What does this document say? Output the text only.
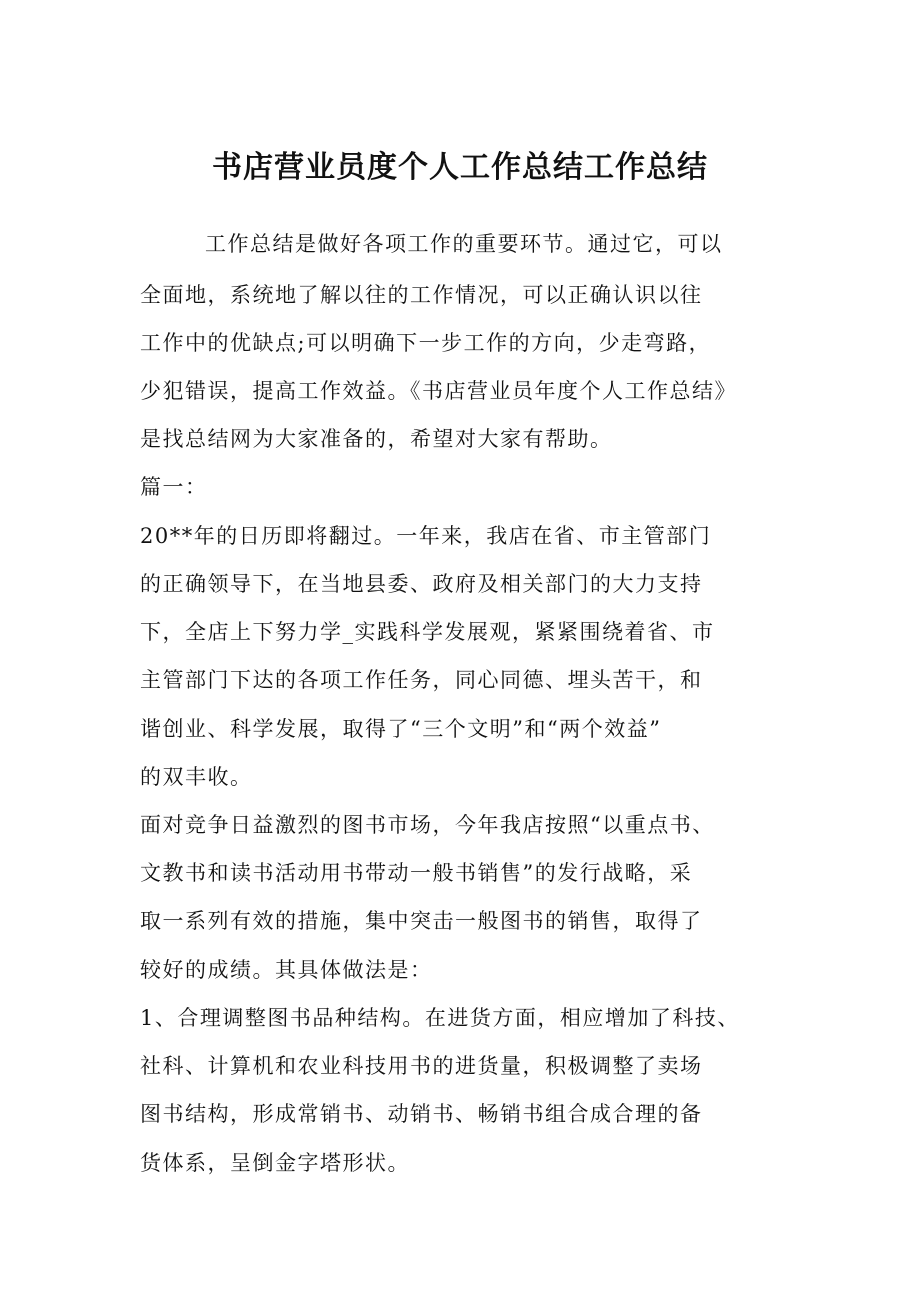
书店营业员度个人工作总结工作总结

工作总结是做好各项工作的重要环节。通过它，可以

全面地，系统地了解以往的工作情况，可以正确认识以往

工作中的优缺点;可以明确下一步工作的方向，少走弯路，

少犯错误，提高工作效益。《书店营业员年度个人工作总结》

是找总结网为大家准备的，希望对大家有帮助。

篇一：

20**年的日历即将翻过。一年来，我店在省、市主管部门

的正确领导下，在当地县委、政府及相关部门的大力支持

下，全店上下努力学_实践科学发展观，紧紧围绕着省、市

主管部门下达的各项工作任务，同心同德、埋头苦干，和

谐创业、科学发展，取得了“三个文明”和“两个效益”

的双丰收。

面对竞争日益激烈的图书市场，今年我店按照“以重点书、

文教书和读书活动用书带动一般书销售”的发行战略，采

取一系列有效的措施，集中突击一般图书的销售，取得了

较好的成绩。其具体做法是：

1、合理调整图书品种结构。在进货方面，相应增加了科技、

社科、计算机和农业科技用书的进货量，积极调整了卖场

图书结构，形成常销书、动销书、畅销书组合成合理的备

货体系，呈倒金字塔形状。
